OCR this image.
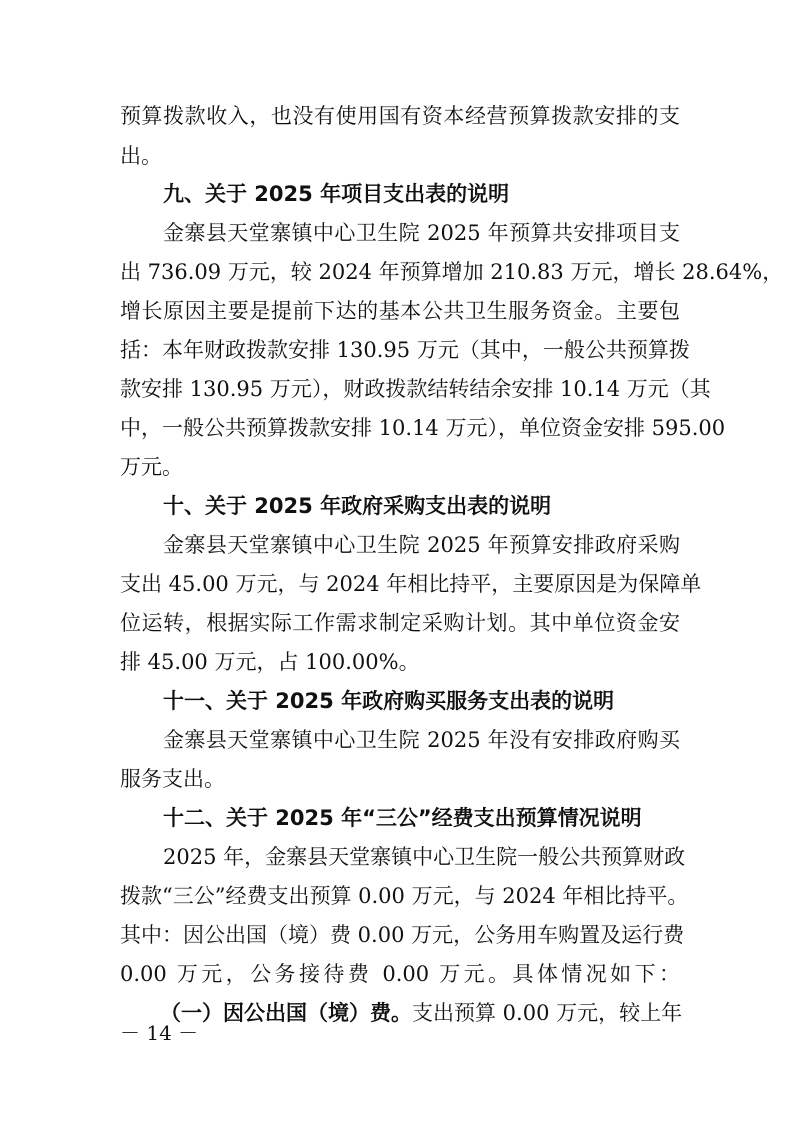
预算拨款收入，也没有使用国有资本经营预算拨款安排的支
出。
九、关于 2025 年项目支出表的说明
金寨县天堂寨镇中心卫生院 2025 年预算共安排项目支
出 736.09 万元，较 2024 年预算增加 210.83 万元，增长 28.64%，
增长原因主要是提前下达的基本公共卫生服务资金。主要包
括：本年财政拨款安排 130.95 万元（其中，一般公共预算拨
款安排 130.95 万元），财政拨款结转结余安排 10.14 万元（其
中，一般公共预算拨款安排 10.14 万元），单位资金安排 595.00
万元。
十、关于 2025 年政府采购支出表的说明
金寨县天堂寨镇中心卫生院 2025 年预算安排政府采购
支出 45.00 万元，与 2024 年相比持平，主要原因是为保障单
位运转，根据实际工作需求制定采购计划。其中单位资金安
排 45.00 万元，占 100.00%。
十一、关于 2025 年政府购买服务支出表的说明
金寨县天堂寨镇中心卫生院 2025 年没有安排政府购买
服务支出。
十二、关于 2025 年“三公”经费支出预算情况说明
2025 年，金寨县天堂寨镇中心卫生院一般公共预算财政
拨款“三公”经费支出预算 0.00 万元，与 2024 年相比持平。
其中：因公出国（境）费 0.00 万元，公务用车购置及运行费
0.00 万元，公务接待费 0.00 万元。具体情况如下：
（一）因公出国（境）费。支出预算 0.00 万元，较上年
－ 14 －
